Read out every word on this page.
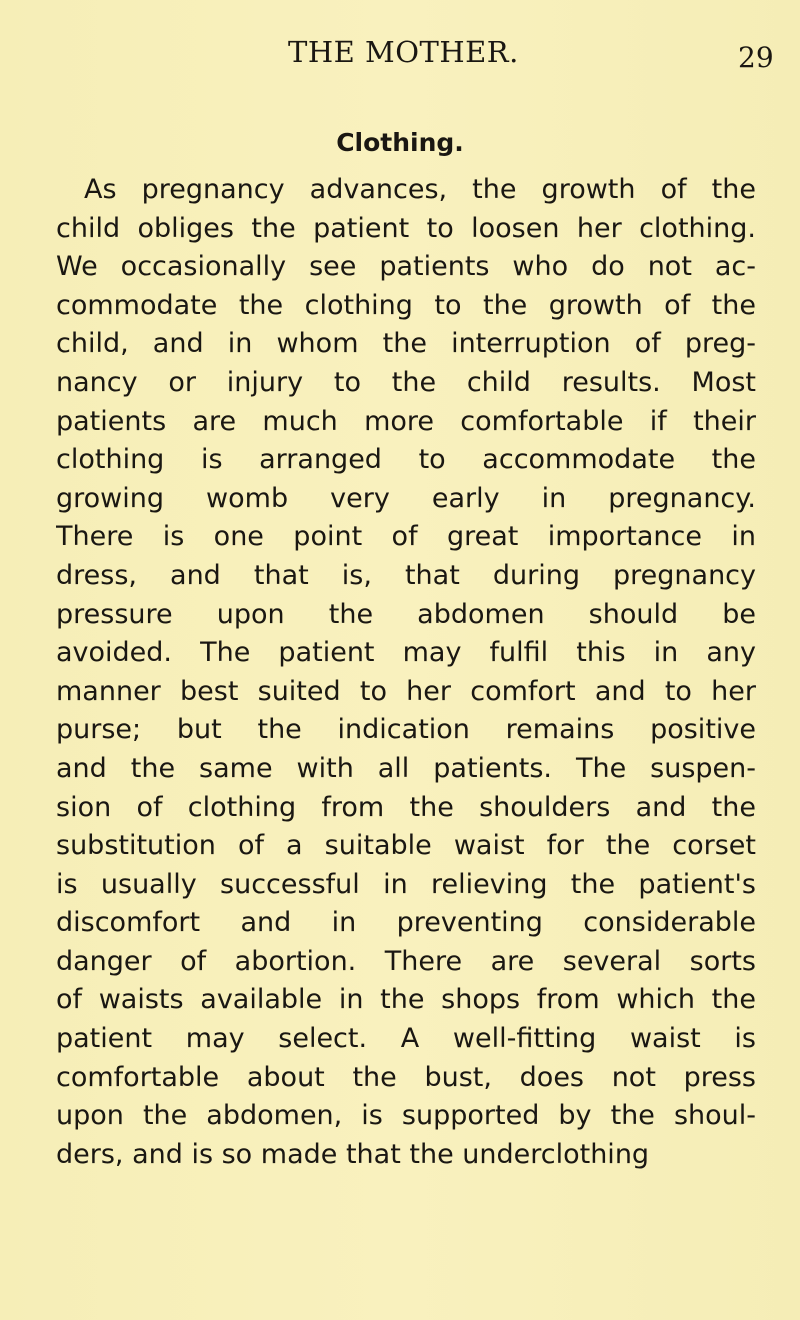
THE MOTHER.	29
Clothing.
As pregnancy advances, the growth of the
child obliges the patient to loosen her clothing.
We occasionally see patients who do not ac-
commodate the clothing to the growth of the
child, and in whom the interruption of preg-
nancy or injury to the child results. Most
patients are much more comfortable if their
clothing is arranged to accommodate the
growing womb very early in pregnancy.
There is one point of great importance in
dress, and that is, that during pregnancy
pressure upon the abdomen should be
avoided. The patient may fulfil this in any
manner best suited to her comfort and to her
purse; but the indication remains positive
and the same with all patients. The suspen-
sion of clothing from the shoulders and the
substitution of a suitable waist for the corset
is usually successful in relieving the patient's
discomfort and in preventing considerable
danger of abortion. There are several sorts
of waists available in the shops from which the
patient may select. A well-fitting waist is
comfortable about the bust, does not press
upon the abdomen, is supported by the shoul-
ders, and is so made that the underclothing
